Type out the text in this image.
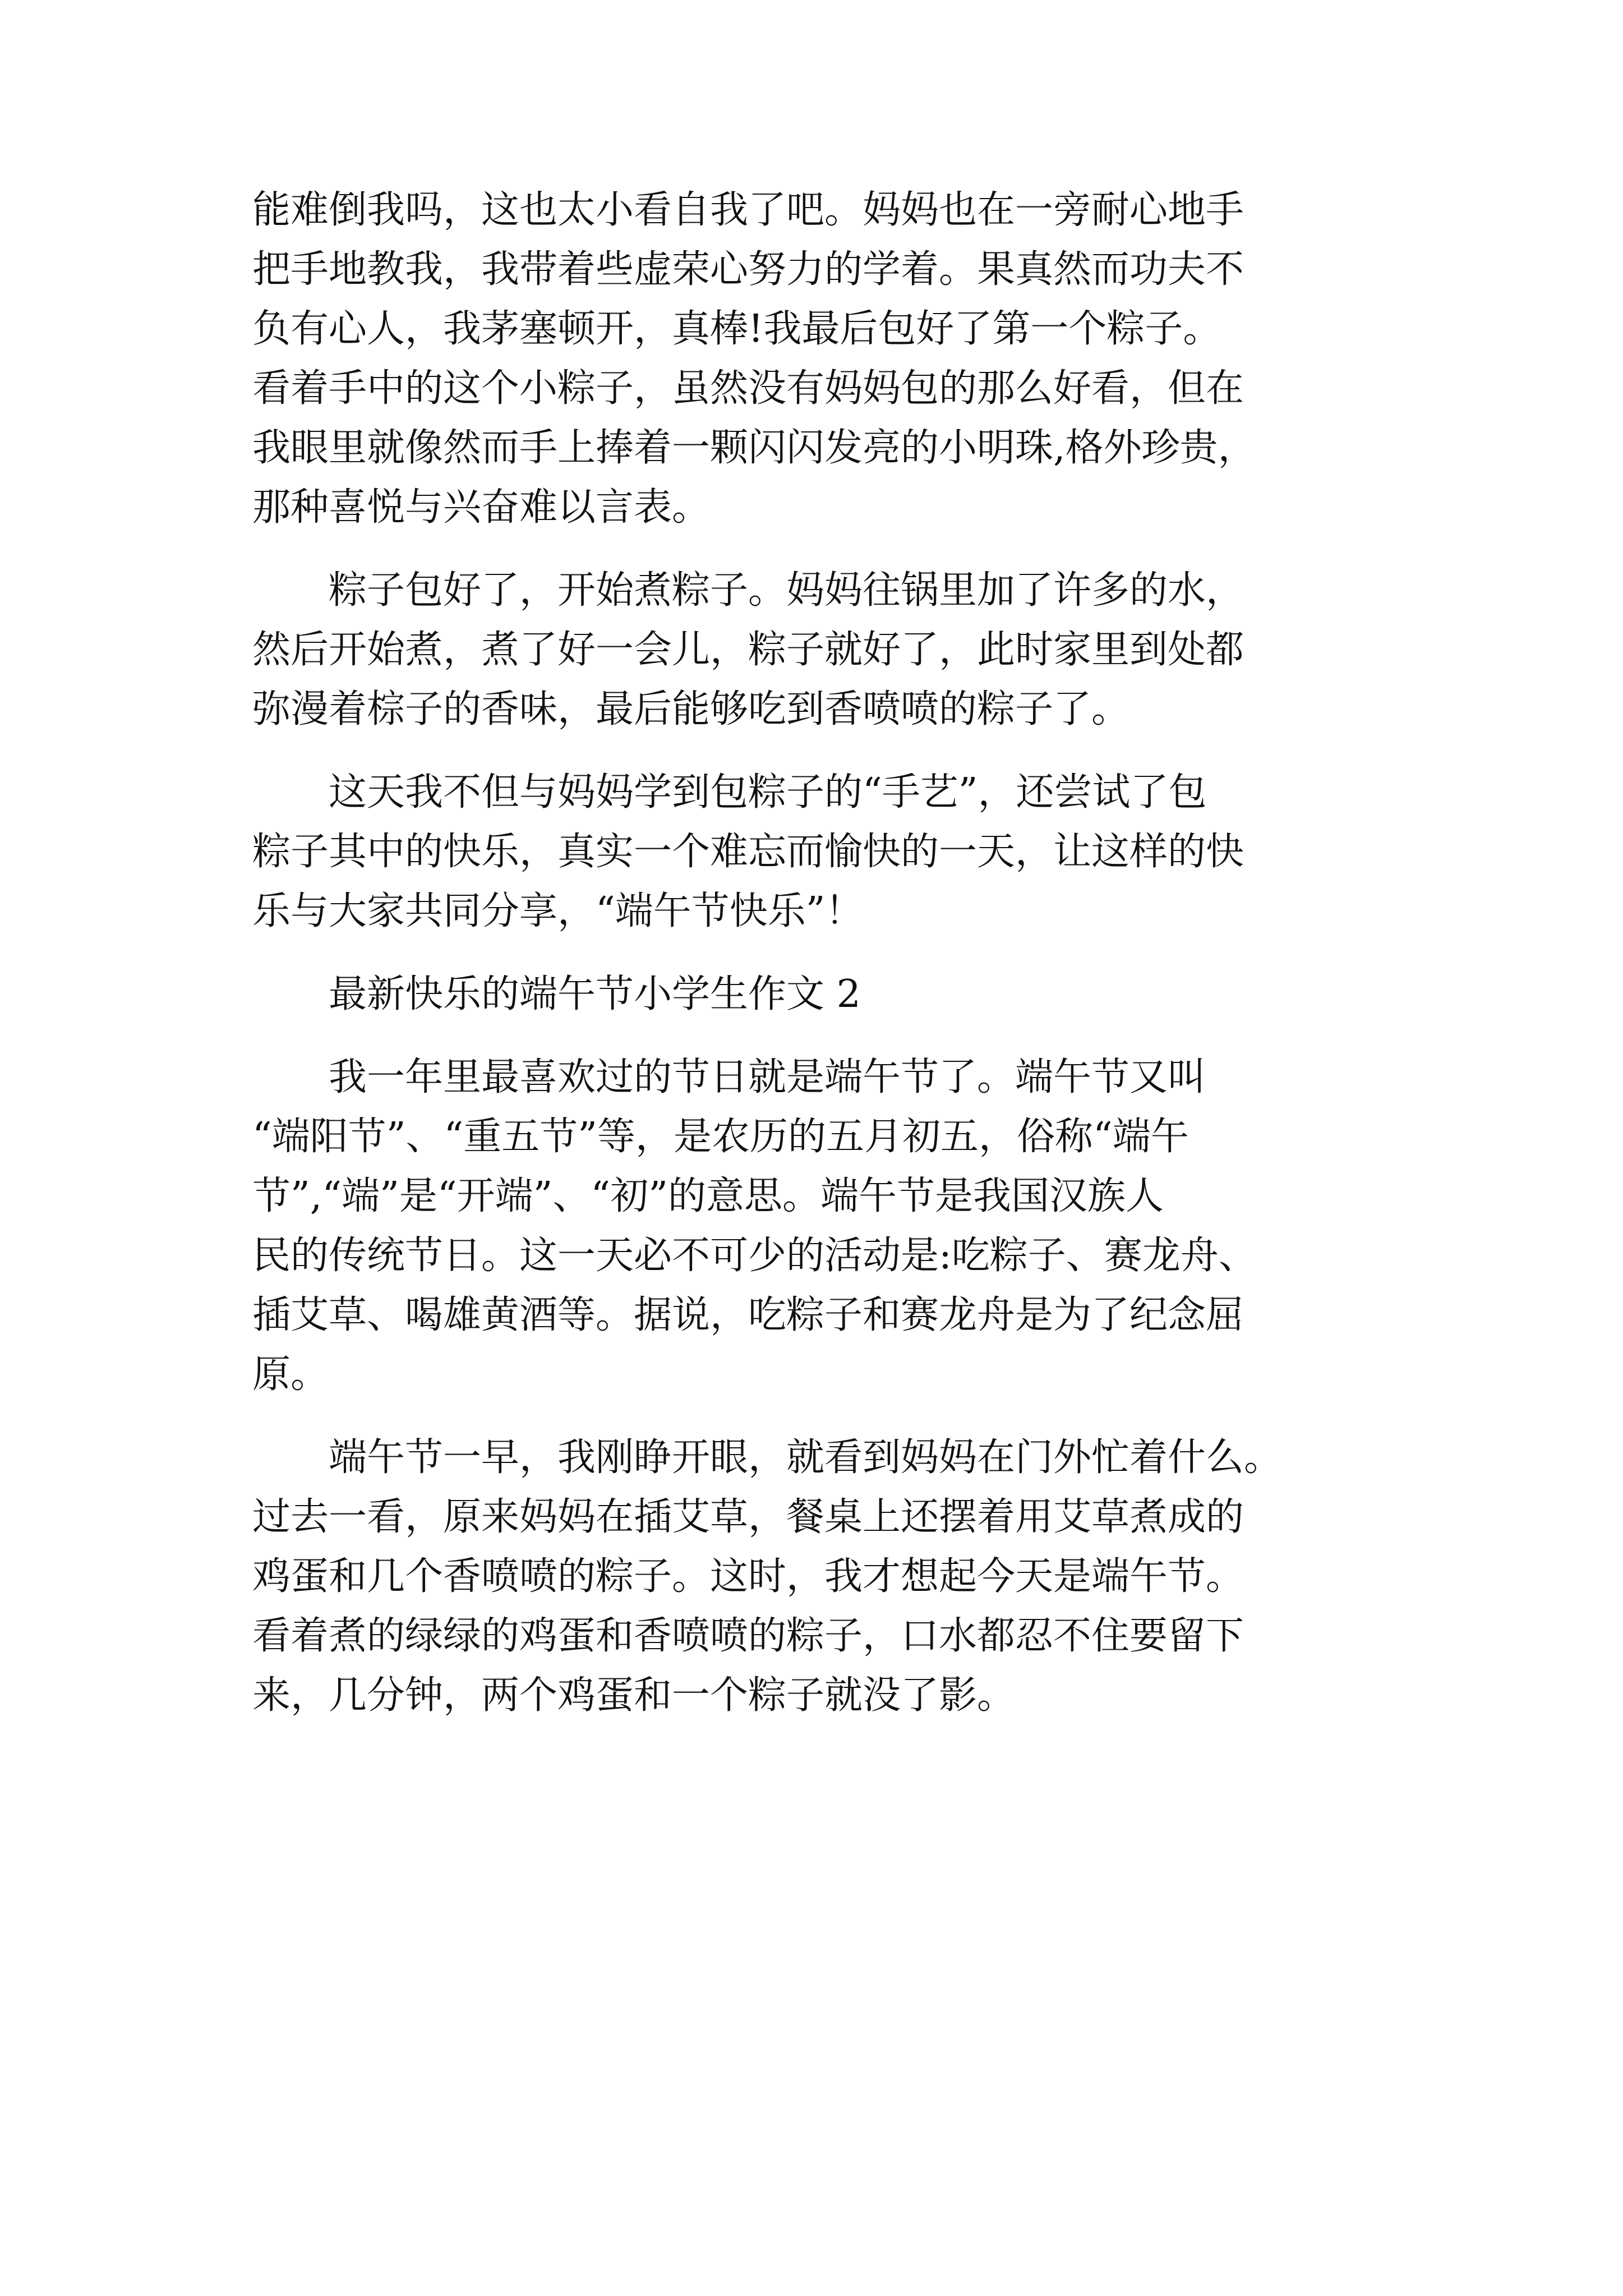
能难倒我吗，这也太小看自我了吧。妈妈也在一旁耐心地手
把手地教我，我带着些虚荣心努力的学着。果真然而功夫不
负有心人，我茅塞顿开，真棒!我最后包好了第一个粽子。
看着手中的这个小粽子，虽然没有妈妈包的那么好看，但在
我眼里就像然而手上捧着一颗闪闪发亮的小明珠,格外珍贵，
那种喜悦与兴奋难以言表。
　　粽子包好了，开始煮粽子。妈妈往锅里加了许多的水，
然后开始煮，煮了好一会儿，粽子就好了，此时家里到处都
弥漫着棕子的香味，最后能够吃到香喷喷的粽子了。
　　这天我不但与妈妈学到包粽子的“手艺”，还尝试了包
粽子其中的快乐，真实一个难忘而愉快的一天，让这样的快
乐与大家共同分享，“端午节快乐”！
　　最新快乐的端午节小学生作文 2
　　我一年里最喜欢过的节日就是端午节了。端午节又叫
“端阳节”、“重五节”等，是农历的五月初五，俗称“端午
节”,“端”是“开端”、“初”的意思。端午节是我国汉族人
民的传统节日。这一天必不可少的活动是:吃粽子、赛龙舟、
插艾草、喝雄黄酒等。据说，吃粽子和赛龙舟是为了纪念屈
原。
　　端午节一早，我刚睁开眼，就看到妈妈在门外忙着什么。
过去一看，原来妈妈在插艾草，餐桌上还摆着用艾草煮成的
鸡蛋和几个香喷喷的粽子。这时，我才想起今天是端午节。
看着煮的绿绿的鸡蛋和香喷喷的粽子，口水都忍不住要留下
来，几分钟，两个鸡蛋和一个粽子就没了影。
